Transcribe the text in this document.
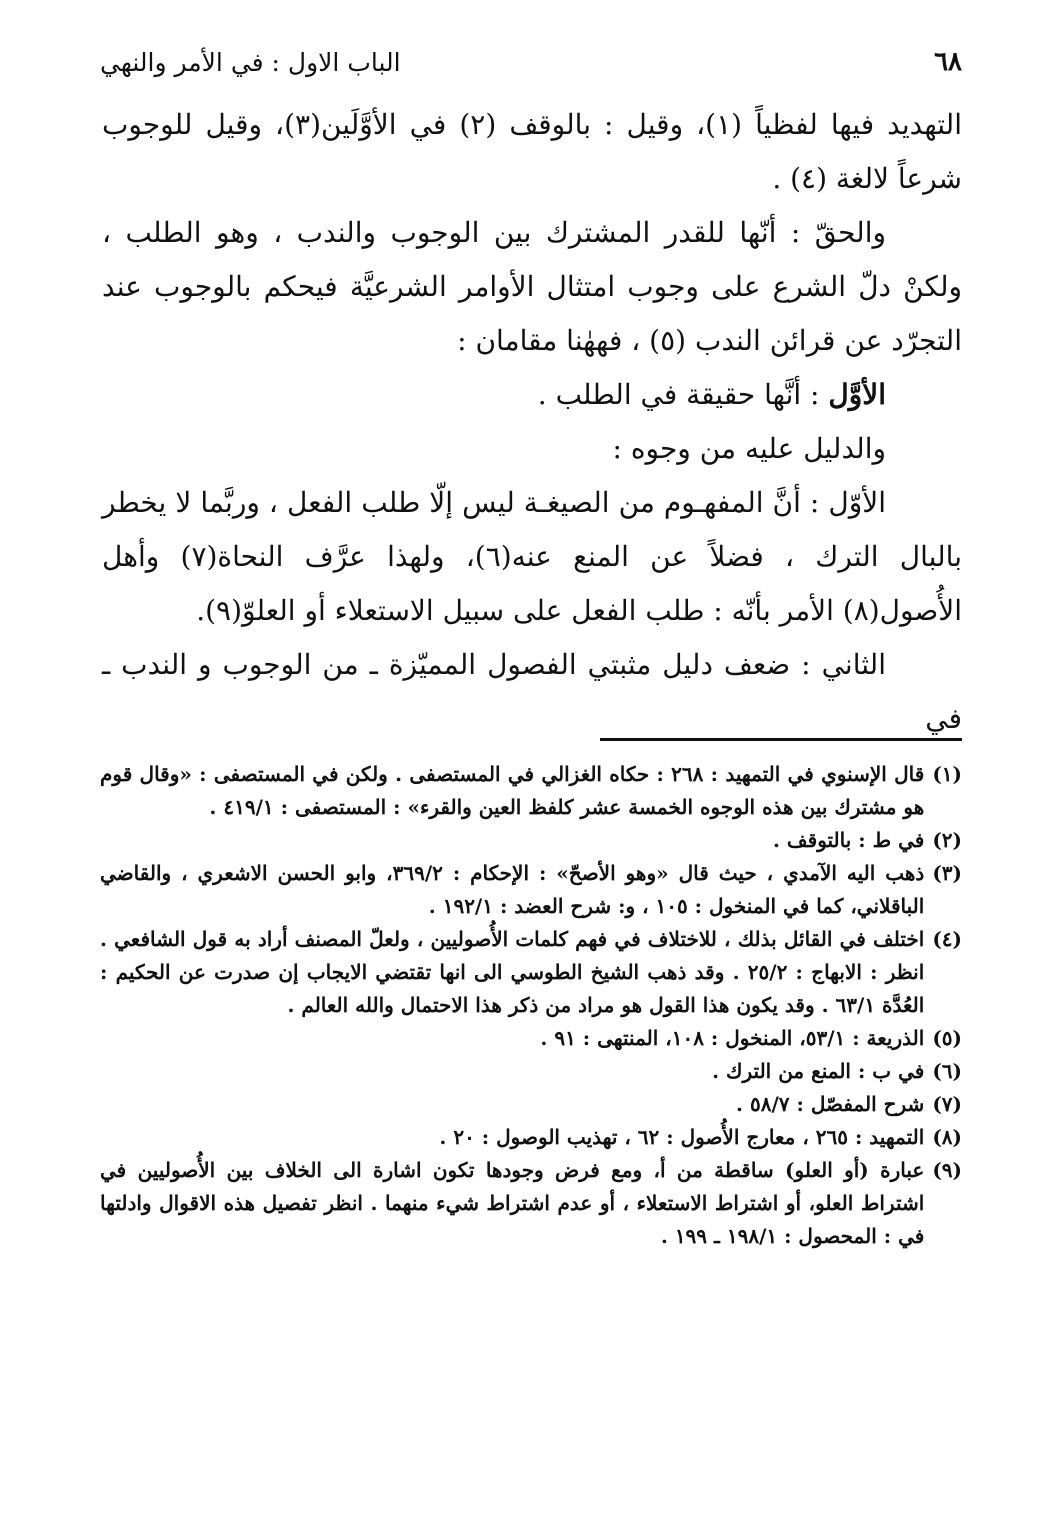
٦٨
الباب الاول : في الأمر والنهي

التهديد فيها لفظياً (١)، وقيل : بالوقف (٢) في الأوَّلَين(٣)، وقيل للوجوب شرعاً لالغة (٤) .

والحقّ : أنّها للقدر المشترك بين الوجوب والندب ، وهو الطلب ، ولكنْ دلّ الشرع على وجوب امتثال الأوامر الشرعيَّة فيحكم بالوجوب عند التجرّد عن قرائن الندب (٥) ، فههٰنا مقامان :

الأوَّل : أنَّها حقيقة في الطلب .

والدليل عليه من وجوه :

الأوّل : أنَّ المفهـوم من الصيغـة ليس إلّا طلب الفعل ، وربَّما لا يخطر بالبال الترك ، فضلاً عن المنع عنه(٦)، ولهذا عرَّف النحاة(٧) وأهل الأُصول(٨) الأمر بأنّه : طلب الفعل على سبيل الاستعلاء أو العلوّ(٩).

الثاني : ضعف دليل مثبتي الفصول المميّزة ـ من الوجوب و الندب ـ في

(١)
قال الإسنوي في التمهيد : ٢٦٨ : حكاه الغزالي في المستصفى . ولكن في المستصفى : «وقال قوم هو مشترك بين هذه الوجوه الخمسة عشر كلفظ العين والقرء» : المستصفى : ٤١٩/١ .
(٢)
في ط : بالتوقف .
(٣)
ذهب اليه الآمدي ، حيث قال «وهو الأصحّ» : الإحكام : ٣٦٩/٢، وابو الحسن الاشعري ، والقاضي الباقلاني، كما في المنخول : ١٠٥ ، و: شرح العضد : ١٩٢/١ .
(٤)
اختلف في القائل بذلك ، للاختلاف في فهم كلمات الأُصوليين ، ولعلّ المصنف أراد به قول الشافعي . انظر : الابهاج : ٢٥/٢ . وقد ذهب الشيخ الطوسي الى انها تقتضي الايجاب إن صدرت عن الحكيم : العُدَّة ٦٣/١ . وقد يكون هذا القول هو مراد من ذكر هذا الاحتمال والله العالم .
(٥)
الذريعة : ٥٣/١، المنخول : ١٠٨، المنتهى : ٩١ .
(٦)
في ب : المنع من الترك .
(٧)
شرح المفصّل : ٥٨/٧ .
(٨)
التمهيد : ٢٦٥ ، معارج الأُصول : ٦٢ ، تهذيب الوصول : ٢٠ .
(٩)
عبارة (أو العلو) ساقطة من أ، ومع فرض وجودها تكون اشارة الى الخلاف بين الأُصوليين في اشتراط العلو، أو اشتراط الاستعلاء ، أو عدم اشتراط شيء منهما . انظر تفصيل هذه الاقوال وادلتها في : المحصول : ١٩٨/١ ـ ١٩٩ .
